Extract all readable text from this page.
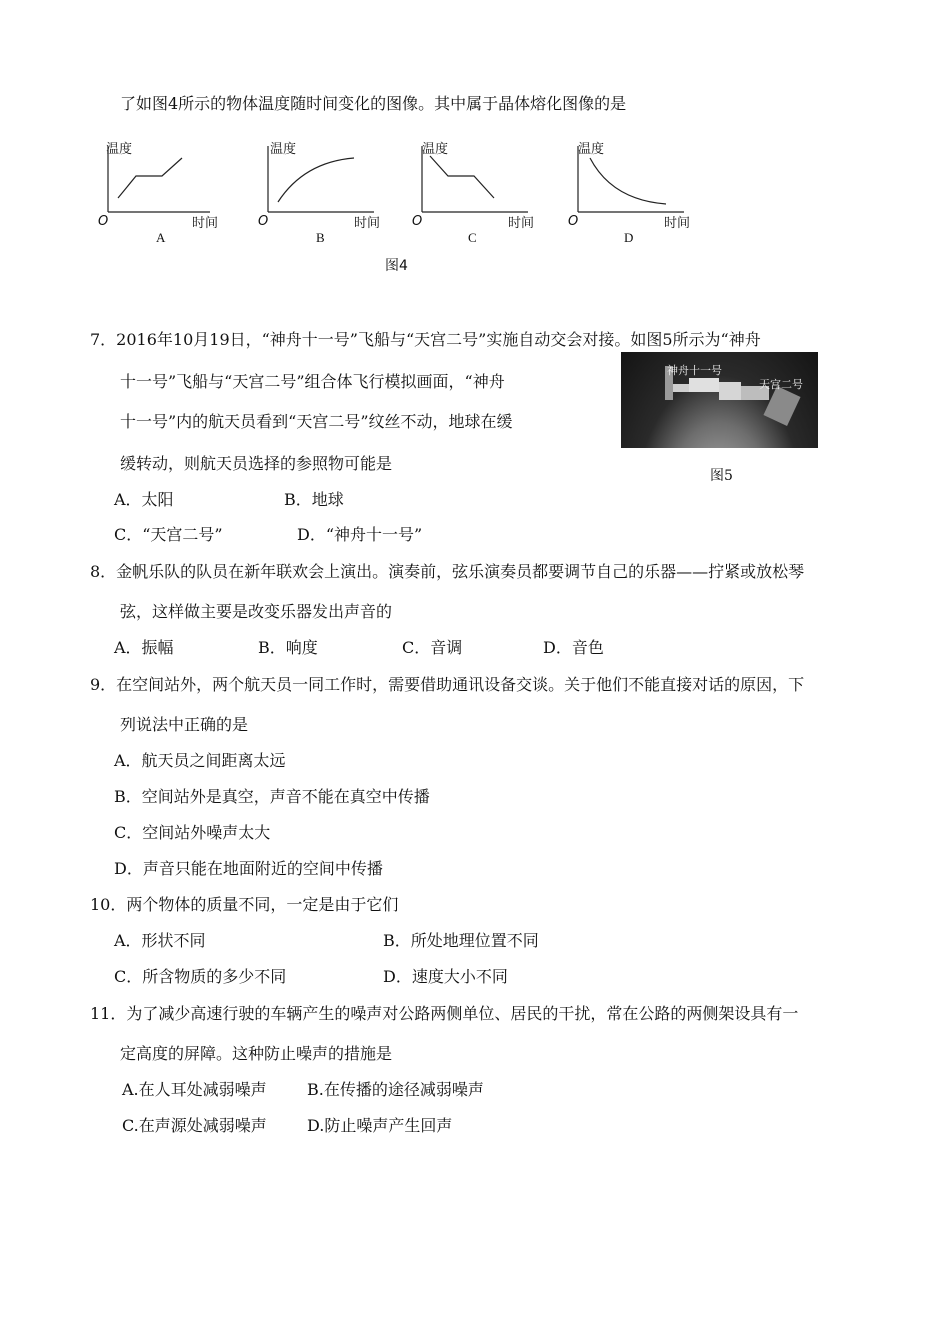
了如图4所示的物体温度随时间变化的图像。其中属于晶体熔化图像的是
温度
O	时间
A
温度
O	时间
B
温度
O	时间
C
温度
O	时间
D
图4
7．2016年10月19日，“神舟十一号”飞船与“天宫二号”实施自动交会对接。如图5所示为“神舟
十一号”飞船与“天宫二号”组合体飞行模拟画面，“神舟
十一号”内的航天员看到“天宫二号”纹丝不动，地球在缓
缓转动，则航天员选择的参照物可能是
A．太阳	B．地球
C．“天宫二号”	D．“神舟十一号”
神舟十一号
天宫二号
图5
8．金帆乐队的队员在新年联欢会上演出。演奏前，弦乐演奏员都要调节自己的乐器——拧紧或放松琴
弦，这样做主要是改变乐器发出声音的
A．振幅	B．响度	C．音调	D．音色
9．在空间站外，两个航天员一同工作时，需要借助通讯设备交谈。关于他们不能直接对话的原因，下
列说法中正确的是
A．航天员之间距离太远
B．空间站外是真空，声音不能在真空中传播
C．空间站外噪声太大
D．声音只能在地面附近的空间中传播
10．两个物体的质量不同，一定是由于它们
A．形状不同	B．所处地理位置不同
C．所含物质的多少不同	D．速度大小不同
11．为了减少高速行驶的车辆产生的噪声对公路两侧单位、居民的干扰，常在公路的两侧架设具有一
定高度的屏障。这种防止噪声的措施是
A.在人耳处减弱噪声	B.在传播的途径减弱噪声
C.在声源处减弱噪声	D.防止噪声产生回声
